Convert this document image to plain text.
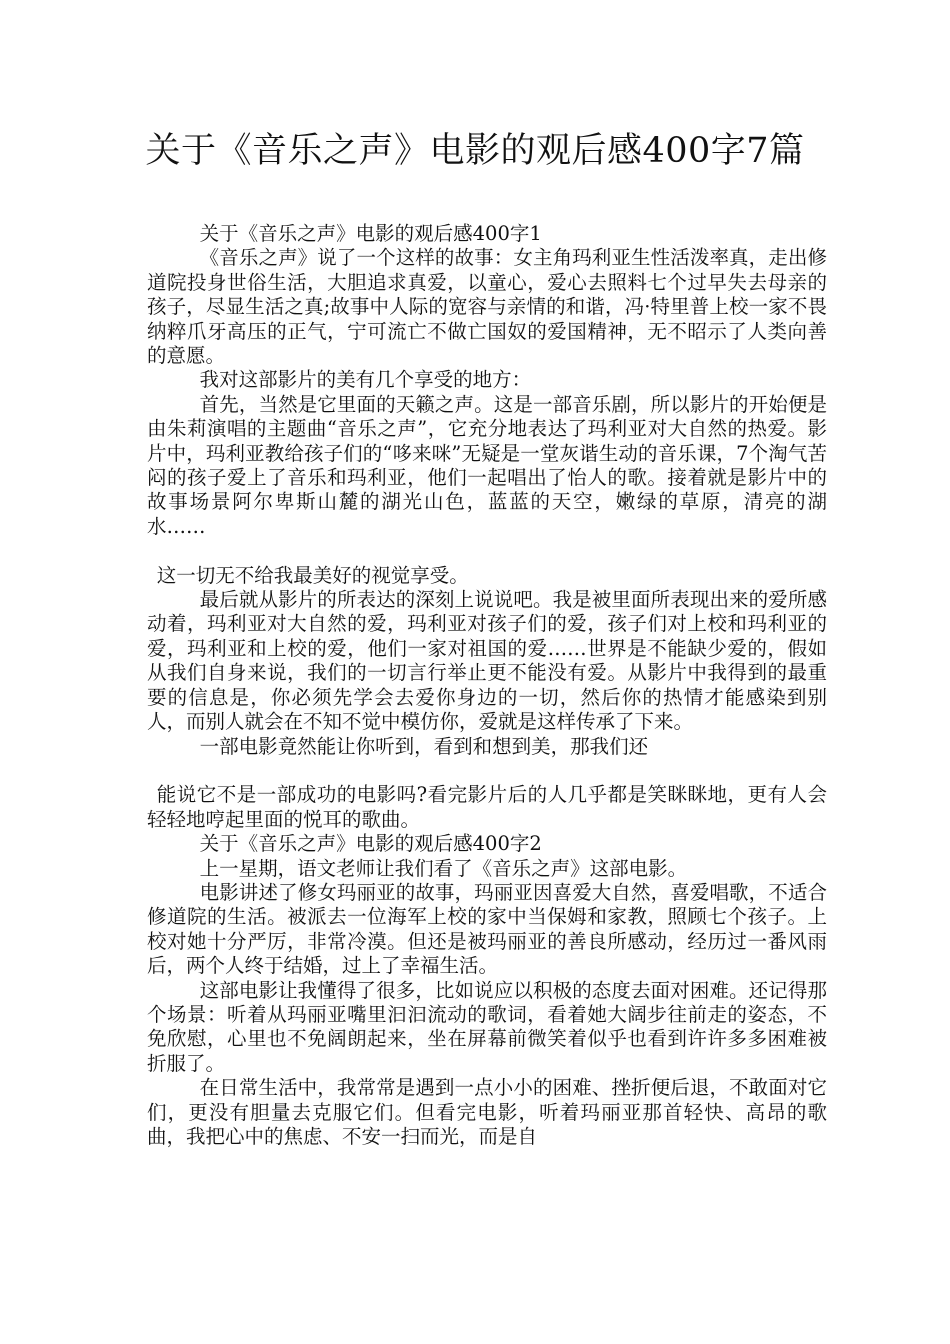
关于《音乐之声》电影的观后感400字7篇

关于《音乐之声》电影的观后感400字1

《音乐之声》说了一个这样的故事：女主角玛利亚生性活泼率真，走出修道院投身世俗生活，大胆追求真爱，以童心，爱心去照料七个过早失去母亲的孩子，尽显生活之真;故事中人际的宽容与亲情的和谐，冯·特里普上校一家不畏纳粹爪牙高压的正气，宁可流亡不做亡国奴的爱国精神，无不昭示了人类向善的意愿。

我对这部影片的美有几个享受的地方：

首先，当然是它里面的天籁之声。这是一部音乐剧，所以影片的开始便是由朱莉演唱的主题曲“音乐之声”，它充分地表达了玛利亚对大自然的热爱。影片中，玛利亚教给孩子们的“哆来咪”无疑是一堂灰谐生动的音乐课，7个淘气苦闷的孩子爱上了音乐和玛利亚，他们一起唱出了怡人的歌。接着就是影片中的故事场景阿尔卑斯山麓的湖光山色，蓝蓝的天空，嫩绿的草原，清亮的湖水……

这一切无不给我最美好的视觉享受。

最后就从影片的所表达的深刻上说说吧。我是被里面所表现出来的爱所感动着，玛利亚对大自然的爱，玛利亚对孩子们的爱，孩子们对上校和玛利亚的爱，玛利亚和上校的爱，他们一家对祖国的爱……世界是不能缺少爱的，假如从我们自身来说，我们的一切言行举止更不能没有爱。从影片中我得到的最重要的信息是，你必须先学会去爱你身边的一切，然后你的热情才能感染到别人，而别人就会在不知不觉中模仿你，爱就是这样传承了下来。

一部电影竟然能让你听到，看到和想到美，那我们还

能说它不是一部成功的电影吗?看完影片后的人几乎都是笑眯眯地，更有人会轻轻地哼起里面的悦耳的歌曲。

关于《音乐之声》电影的观后感400字2

上一星期，语文老师让我们看了《音乐之声》这部电影。

电影讲述了修女玛丽亚的故事，玛丽亚因喜爱大自然，喜爱唱歌，不适合修道院的生活。被派去一位海军上校的家中当保姆和家教，照顾七个孩子。上校对她十分严厉，非常冷漠。但还是被玛丽亚的善良所感动，经历过一番风雨后，两个人终于结婚，过上了幸福生活。

这部电影让我懂得了很多，比如说应以积极的态度去面对困难。还记得那个场景：听着从玛丽亚嘴里汩汩流动的歌词，看着她大阔步往前走的姿态，不免欣慰，心里也不免阔朗起来，坐在屏幕前微笑着似乎也看到许许多多困难被折服了。

在日常生活中，我常常是遇到一点小小的困难、挫折便后退，不敢面对它们，更没有胆量去克服它们。但看完电影，听着玛丽亚那首轻快、高昂的歌曲，我把心中的焦虑、不安一扫而光，而是自
